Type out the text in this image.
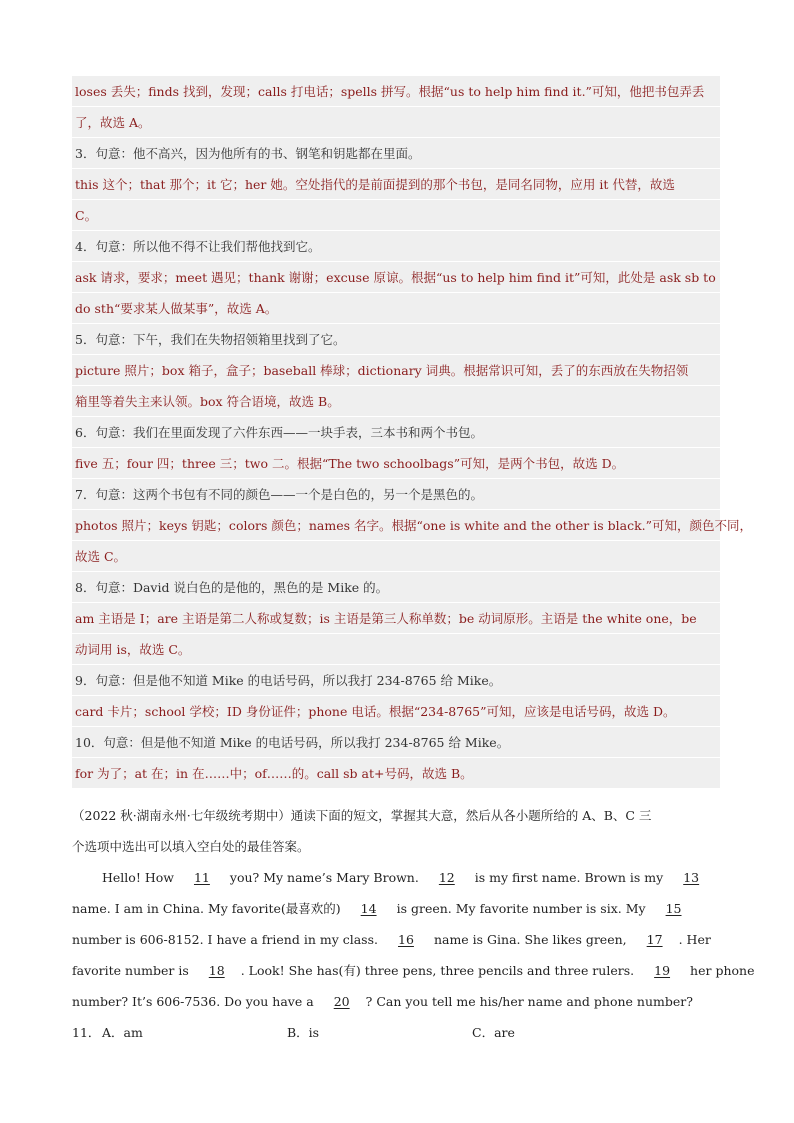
loses 丢失；finds 找到，发现；calls 打电话；spells 拼写。根据“us to help him find it.”可知，他把书包弄丢
了，故选 A。
3．句意：他不高兴，因为他所有的书、钢笔和钥匙都在里面。
this 这个；that 那个；it 它；her 她。空处指代的是前面提到的那个书包，是同名同物，应用 it 代替，故选
C。
4．句意：所以他不得不让我们帮他找到它。
ask 请求，要求；meet 遇见；thank 谢谢；excuse 原谅。根据“us to help him find it”可知，此处是 ask sb to
do sth“要求某人做某事”，故选 A。
5．句意：下午，我们在失物招领箱里找到了它。
picture 照片；box 箱子，盒子；baseball 棒球；dictionary 词典。根据常识可知，丢了的东西放在失物招领
箱里等着失主来认领。box 符合语境，故选 B。
6．句意：我们在里面发现了六件东西——一块手表，三本书和两个书包。
five 五；four 四；three 三；two 二。根据“The two schoolbags”可知，是两个书包，故选 D。
7．句意：这两个书包有不同的颜色——一个是白色的，另一个是黑色的。
photos 照片；keys 钥匙；colors 颜色；names 名字。根据“one is white and the other is black.”可知，颜色不同，
故选 C。
8．句意：David 说白色的是他的，黑色的是 Mike 的。
am 主语是 I；are 主语是第二人称或复数；is 主语是第三人称单数；be 动词原形。主语是 the white one，be
动词用 is，故选 C。
9．句意：但是他不知道 Mike 的电话号码，所以我打 234-8765 给 Mike。
card 卡片；school 学校；ID 身份证件；phone 电话。根据“234-8765”可知，应该是电话号码，故选 D。
10．句意：但是他不知道 Mike 的电话号码，所以我打 234-8765 给 Mike。
for 为了；at 在；in 在……中；of……的。call sb at+号码，故选 B。
（2022 秋·湖南永州·七年级统考期中）通读下面的短文，掌握其大意，然后从各小题所给的 A、B、C 三
个选项中选出可以填入空白处的最佳答案。
Hello! How 11 you? My name’s Mary Brown. 12 is my first name. Brown is my 13
name. I am in China. My favorite(最喜欢的) 14 is green. My favorite number is six. My 15
number is 606-8152. I have a friend in my class. 16 name is Gina. She likes green, 17 . Her
favorite number is 18 . Look! She has(有) three pens, three pencils and three rulers. 19 her phone
number? It’s 606-7536. Do you have a 20 ? Can you tell me his/her name and phone number?
11． A．am	B．is	C．are
